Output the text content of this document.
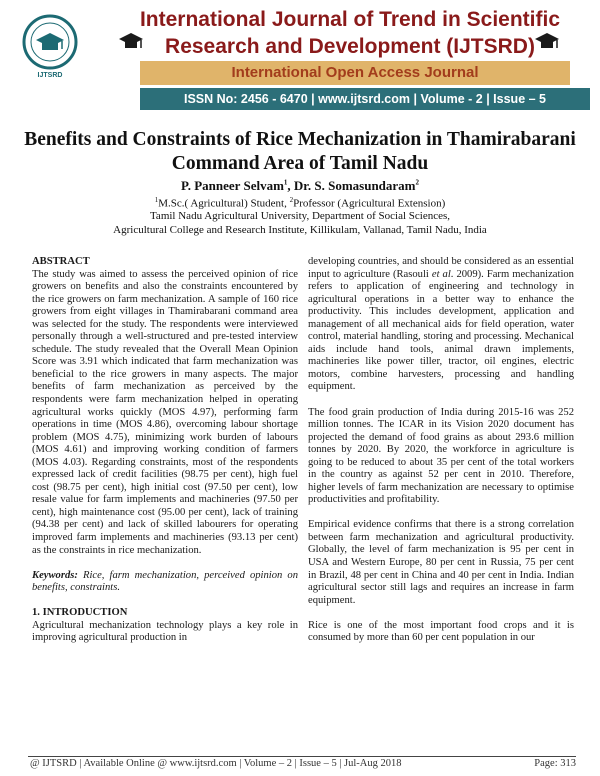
IJTSRD
International Journal of Trend in Scientific
Research and Development (IJTSRD)
International Open Access Journal
ISSN No: 2456 - 6470 | www.ijtsrd.com | Volume - 2 | Issue – 5
Benefits and Constraints of Rice Mechanization in Thamirabarani
Command Area of Tamil Nadu
P. Panneer Selvam$^1$, Dr. S. Somasundaram$^2$
$^1$M.Sc.( Agricultural) Student, $^2$Professor (Agricultural Extension)
Tamil Nadu Agricultural University, Department of Social Sciences,
Agricultural College and Research Institute, Killikulam, Vallanad, Tamil Nadu, India
ABSTRACT

The study was aimed to assess the perceived opinion of rice growers on benefits and also the constraints encountered by the rice growers on farm mechanization. A sample of 160 rice growers from eight villages in Thamirabarani command area was selected for the study. The respondents were interviewed personally through a well-structured and pre-tested interview schedule. The study revealed that the Overall Mean Opinion Score was 3.91 which indicated that farm mechanization was beneficial to the rice growers in many aspects. The major benefits of farm mechanization as perceived by the respondents were farm mechanization helped in operating agricultural works quickly (MOS 4.97), performing farm operations in time (MOS 4.86), overcoming labour shortage problem (MOS 4.75), minimizing work burden of labours (MOS 4.61) and improving working condition of farmers (MOS 4.03). Regarding constraints, most of the respondents expressed lack of credit facilities (98.75 per cent), high fuel cost (98.75 per cent), high initial cost (97.50 per cent), low resale value for farm implements and machineries (97.50 per cent), high maintenance cost (95.00 per cent), lack of training (94.38 per cent) and lack of skilled labourers for operating improved farm implements and machineries (93.13 per cent) as the constraints in rice mechanization.

Keywords: Rice, farm mechanization, perceived opinion on benefits, constraints.

1. INTRODUCTION

Agricultural mechanization technology plays a key role in improving agricultural production in

developing countries, and should be considered as an essential input to agriculture (Rasouli et al. 2009). Farm mechanization refers to application of engineering and technology in agricultural operations in a better way to enhance the productivity. This includes development, application and management of all mechanical aids for field operation, water control, material handling, storing and processing. Mechanical aids include hand tools, animal drawn implements, machineries like power tiller, tractor, oil engines, electric motors, combine harvesters, processing and handling equipment.

The food grain production of India during 2015-16 was 252 million tonnes. The ICAR in its Vision 2020 document has projected the demand of food grains as about 293.6 million tonnes by 2020. By 2020, the workforce in agriculture is going to be reduced to about 35 per cent of the total workers in the country as against 52 per cent in 2010. Therefore, higher levels of farm mechanization are necessary to optimise productivities and profitability.

Empirical evidence confirms that there is a strong correlation between farm mechanization and agricultural productivity. Globally, the level of farm mechanization is 95 per cent in USA and Western Europe, 80 per cent in Russia, 75 per cent in Brazil, 48 per cent in China and 40 per cent in India. Indian agricultural sector still lags and requires an increase in farm equipment.

Rice is one of the most important food crops and it is consumed by more than 60 per cent population in our

@ IJTSRD | Available Online @ www.ijtsrd.com | Volume – 2 | Issue – 5 | Jul-Aug 2018	Page: 313
